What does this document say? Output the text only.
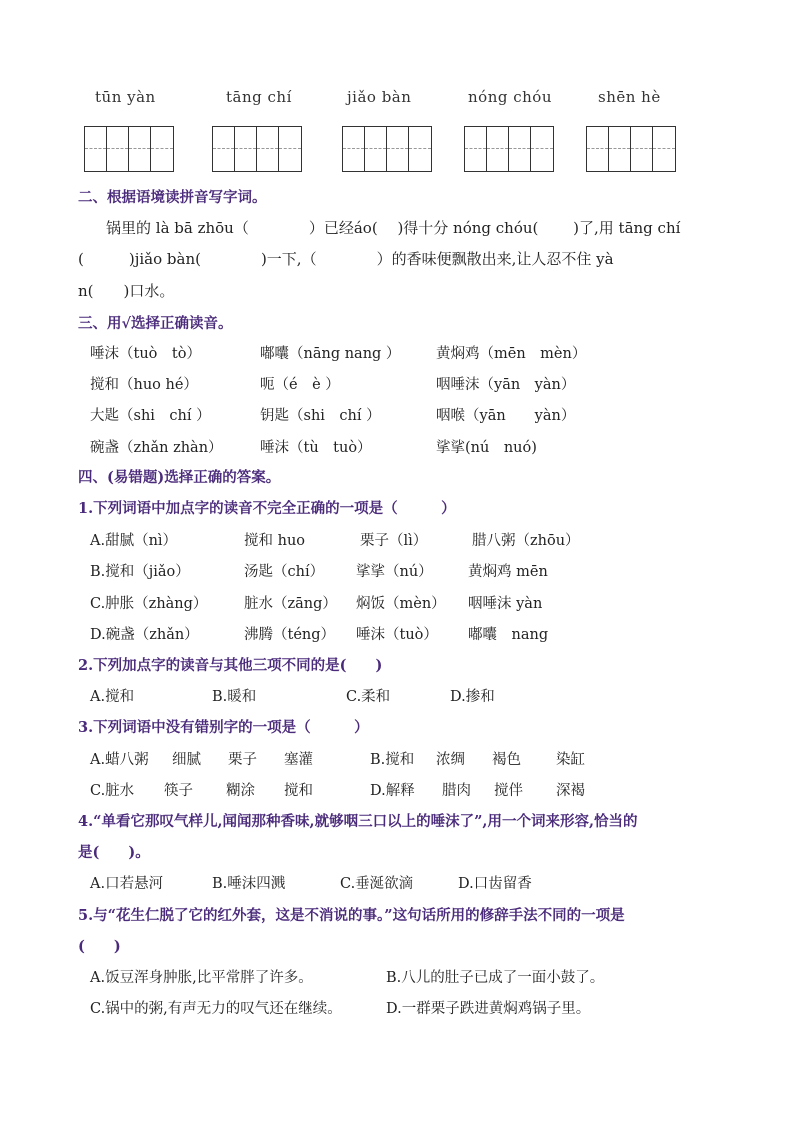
tūn yàn	tāng chí	jiǎo bàn	nóng chóu	shēn hè
二、根据语境读拼音写字词。
锅里的 là bā zhōu（　　　　）已经áo(　 )得十分 nóng chóu(　　 )了,用 tāng chí
(　　　)jiǎo bàn(　　　　)一下,（　　　　）的香味便飘散出来,让人忍不住 yà
n(　　)口水。
三、用√选择正确读音。
唾沫（tuò　tò）	嘟囔（nāng nang ） 黄焖鸡（mēn　mèn）
搅和（huo hé）	呃（é　è ）	咽唾沫（yān　yàn）
大匙（shi　chí ）	钥匙（shi　chí ）	咽喉（yān　　yàn）
碗盏（zhǎn zhàn）	唾沫（tù　tuò）	挲挲(nú　nuó)
四、(易错题)选择正确的答案。
1.下列词语中加点字的读音不完全正确的一项是（　　　）
A.甜腻（nì）	搅和 huo	栗子（lì）	腊八粥（zhōu）
B.搅和（jiǎo）	汤匙（chí） 挲挲（nú） 黄焖鸡 mēn
C.肿胀（zhàng）	脏水（zāng） 焖饭（mèn） 咽唾沫 yàn
D.碗盏（zhǎn）	沸腾（téng） 唾沫（tuò） 嘟囔　nang
2.下列加点字的读音与其他三项不同的是(　　)
A.搅和	B.暖和	C.柔和	D.掺和
3.下列词语中没有错别字的一项是（　　　）
A.蜡八粥 细腻 栗子 塞灌	B.搅和 浓绸 褐色 染缸
C.脏水 筷子 糊涂 搅和	D.解释 腊肉 搅伴 深褐
4.“单看它那叹气样儿,闻闻那种香味,就够咽三口以上的唾沫了”,用一个词来形容,恰当的
是(　　)。
A.口若悬河	B.唾沫四溅	C.垂涎欲滴	D.口齿留香
5.与“花生仁脱了它的红外套，这是不消说的事。”这句话所用的修辞手法不同的一项是
(　　)
A.饭豆浑身肿胀,比平常胖了许多。	B.八儿的肚子已成了一面小鼓了。
C.锅中的粥,有声无力的叹气还在继续。	D.一群栗子跌进黄焖鸡锅子里。
